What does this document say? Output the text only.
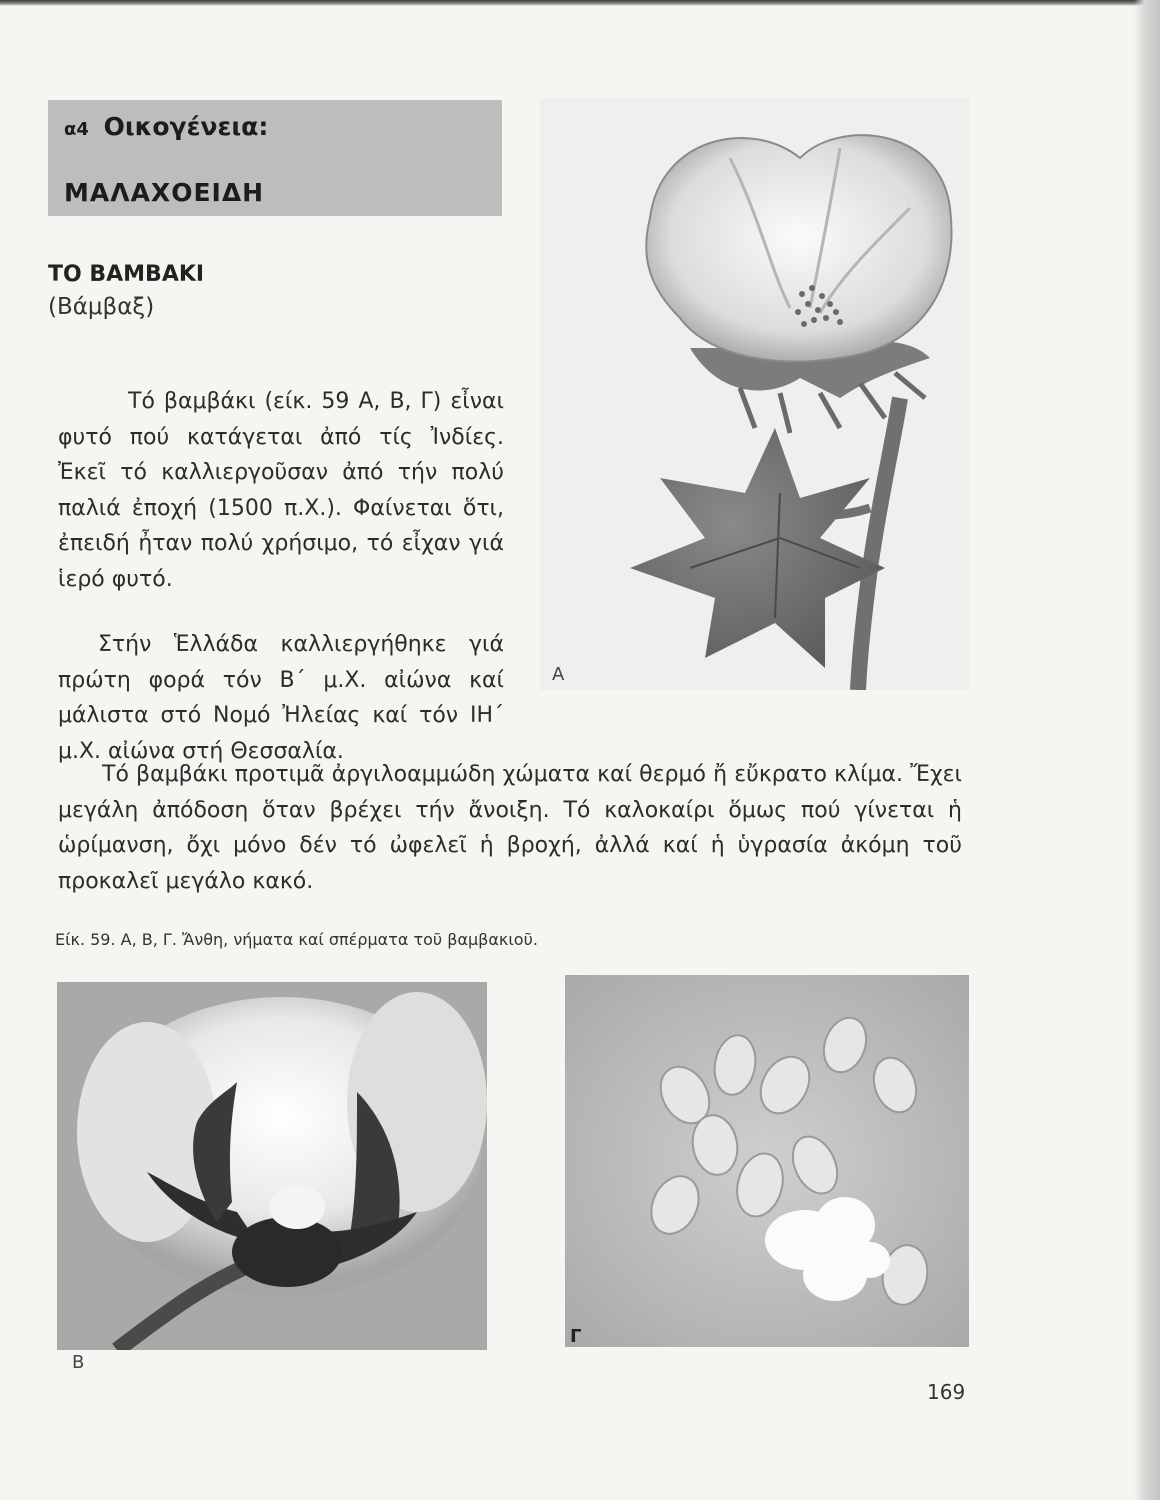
α4 Οικογένεια:
ΜΑΛΑΧΟΕΙΔΗ
ΤΟ ΒΑΜΒΑΚΙ
(Βάμβαξ)

Τό βαμβάκι (είκ. 59 Α, Β, Γ) εἶναι φυτό πού κατάγεται ἀπό τίς Ἰνδίες. Ἐκεῖ τό καλλιεργοῦσαν ἀπό τήν πολύ παλιά ἐποχή (1500 π.Χ.). Φαίνεται ὅτι, ἐπειδή ἦταν πολύ χρήσιμο, τό εἶχαν γιά ἱερό φυτό.

Στήν Ἑλλάδα καλλιεργήθηκε γιά πρώτη φορά τόν Β΄ μ.Χ. αἰώνα καί μάλιστα στό Νομό Ἠλείας καί τόν ΙΗ΄ μ.Χ. αἰώνα στή Θεσσαλία.

Τό βαμβάκι προτιμᾶ ἀργιλοαμμώδη χώματα καί θερμό ἤ εὔκρατο κλίμα. Ἔχει μεγάλη ἀπόδοση ὅταν βρέχει τήν ἄνοιξη. Τό καλοκαίρι ὅμως πού γίνεται ἡ ὡρίμανση, ὄχι μόνο δέν τό ὠφελεῖ ἡ βροχή, ἀλλά καί ἡ ὑγρασία ἀκόμη τοῦ προκαλεῖ μεγάλο κακό.

Α
Είκ. 59. Α, Β, Γ. Ἄνθη, νήματα καί σπέρματα τοῦ βαμβακιοῦ.
Β
Γ
169
